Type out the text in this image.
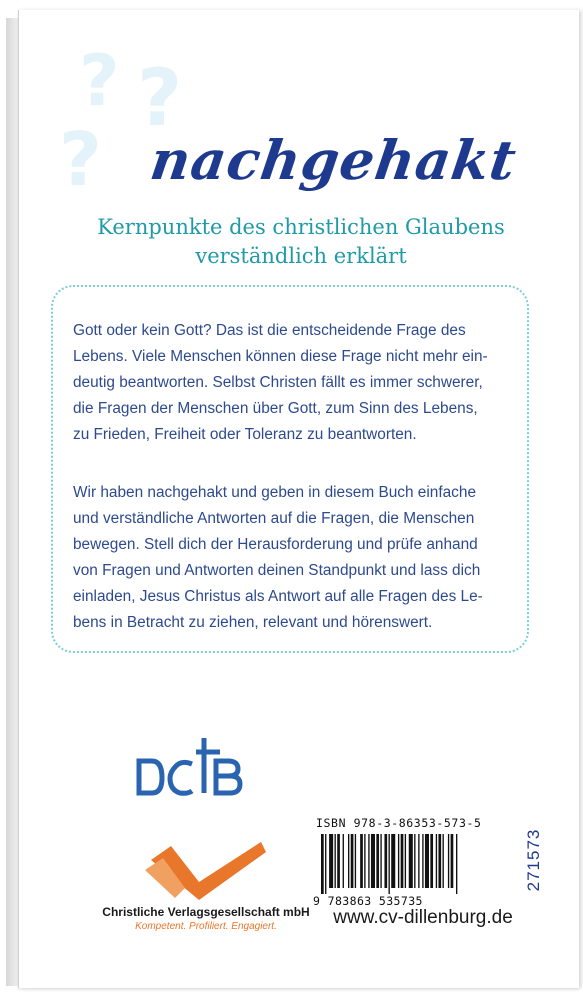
? ?
? nachgehakt
Kernpunkte des christlichen Glaubens
verständlich erklärt
Gott oder kein Gott? Das ist die entscheidende Frage des
Lebens. Viele Menschen können diese Frage nicht mehr ein-
deutig beantworten. Selbst Christen fällt es immer schwerer,
die Fragen der Menschen über Gott, zum Sinn des Lebens,
zu Frieden, Freiheit oder Toleranz zu beantworten.
Wir haben nachgehakt und geben in diesem Buch einfache
und verständliche Antworten auf die Fragen, die Menschen
bewegen. Stell dich der Herausforderung und prüfe anhand
von Fragen und Antworten deinen Standpunkt und lass dich
einladen, Jesus Christus als Antwort auf alle Fragen des Le-
bens in Betracht zu ziehen, relevant und hörenswert.
DCTB
ISBN 978-3-86353-573-5
9 783863 535735
271573
www.cv-dillenburg.de
Christliche Verlagsgesellschaft mbH
Kompetent. Profiliert. Engagiert.
